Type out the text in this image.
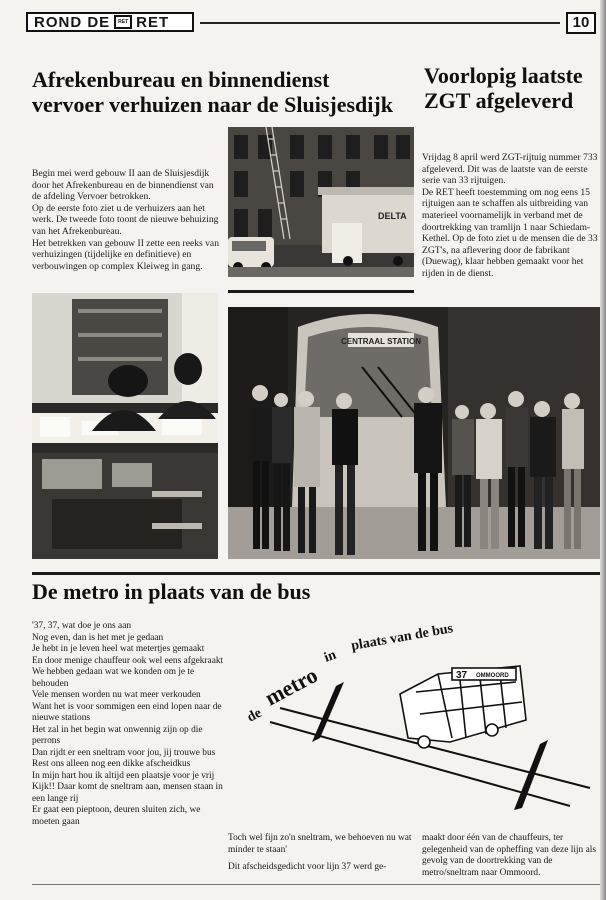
ROND DE	RET RET	10
Afrekenbureau en binnendienst vervoer verhuizen naar de Sluisjesdijk

Begin mei werd gebouw II aan de Sluisjesdijk door het Afrekenbureau en de binnendienst van de afdeling Vervoer betrokken.

Op de eerste foto ziet u de verhuizers aan het werk. De tweede foto toont de nieuwe behuizing van het Afrekenbureau.

Het betrekken van gebouw II zette een reeks van verhuizingen (tijdelijke en definitieve) en verbouwingen op complex Kleiweg in gang.

DELTA
Voorlopig laatste ZGT afgeleverd

Vrijdag 8 april werd ZGT-rijtuig nummer 733 afgeleverd. Dit was de laatste van de eerste serie van 33 rijtuigen.

De RET heeft toestemming om nog eens 15 rijtuigen aan te schaffen als uitbreiding van materieel voornamelijk in verband met de doortrekking van tramlijn 1 naar Schiedam-Kethel. Op de foto ziet u de mensen die de 33 ZGT's, na aflevering door de fabrikant (Duewag), klaar hebben gemaakt voor het rijden in de dienst.

CENTRAAL STATION
De metro in plaats van de bus
'37, 37, wat doe je ons aan
Nog even, dan is het met je gedaan
Je hebt in je leven heel wat metertjes gemaakt
En door menige chauffeur ook wel eens afgekraakt
We hebben gedaan wat we konden om je te behouden
Vele mensen worden nu wat meer verkouden
Want het is voor sommigen een eind lopen naar de nieuwe stations
Het zal in het begin wat onwennig zijn op die perrons
Dan rijdt er een sneltram voor jou, jij trouwe bus
Rest ons alleen nog een dikke afscheidkus
In mijn hart hou ik altijd een plaatsje voor je vrij
Kijk!! Daar komt de sneltram aan, mensen staan in een lange rij
Er gaat een pieptoon, deuren sluiten zich, we moeten gaan

Toch wel fijn zo'n sneltram, we behoeven nu wat minder te staan'

Dit afscheidsgedicht voor lijn 37 werd ge-

maakt door één van de chauffeurs, ter gelegenheid van de opheffing van deze lijn als gevolg van de doortrekking van de metro/sneltram naar Ommoord.
de
metro
in
plaats van de bus
37 OMMOORD
